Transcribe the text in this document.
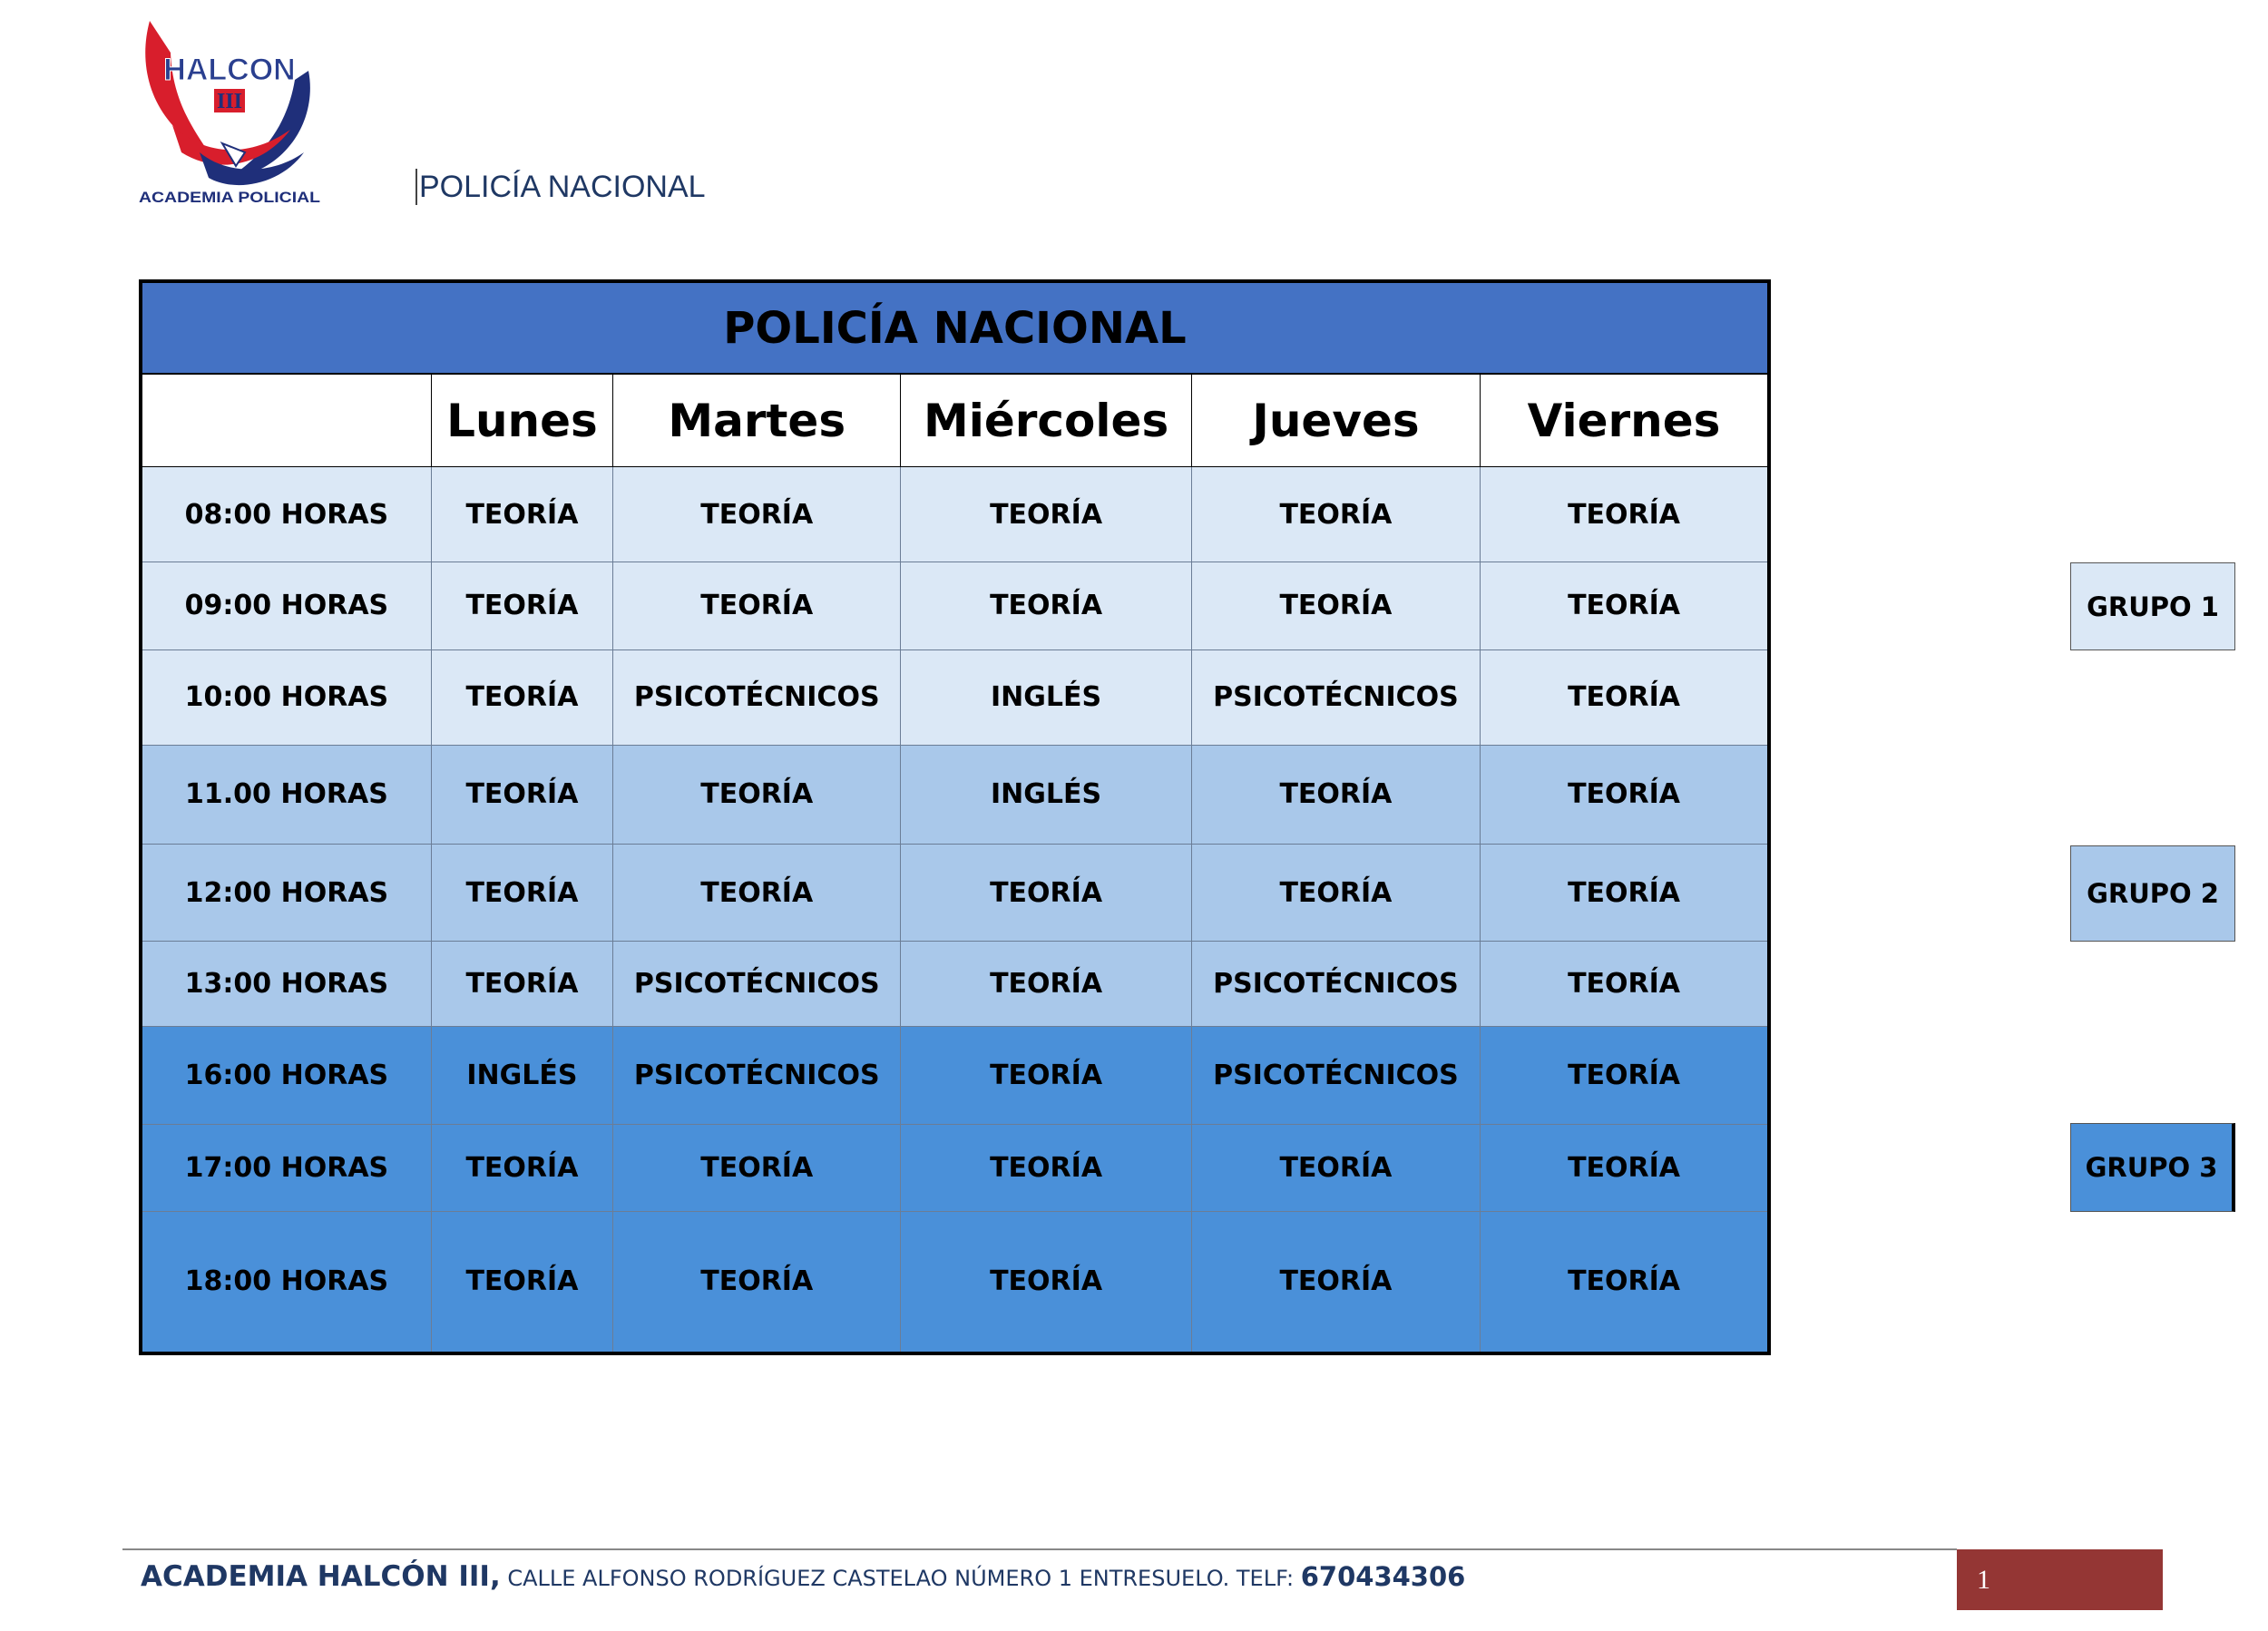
HALCON
III
ACADEMIA POLICIAL	POLICÍA NACIONAL
POLICÍA NACIONAL					
	Lunes	Martes	Miércoles	Jueves	Viernes
08:00 HORAS	TEORÍA	TEORÍA	TEORÍA	TEORÍA	TEORÍA
09:00 HORAS	TEORÍA	TEORÍA	TEORÍA	TEORÍA	TEORÍA
10:00 HORAS	TEORÍA	PSICOTÉCNICOS	INGLÉS	PSICOTÉCNICOS	TEORÍA
11.00 HORAS	TEORÍA	TEORÍA	INGLÉS	TEORÍA	TEORÍA
12:00 HORAS	TEORÍA	TEORÍA	TEORÍA	TEORÍA	TEORÍA
13:00 HORAS	TEORÍA	PSICOTÉCNICOS	TEORÍA	PSICOTÉCNICOS	TEORÍA
16:00 HORAS	INGLÉS	PSICOTÉCNICOS	TEORÍA	PSICOTÉCNICOS	TEORÍA
17:00 HORAS	TEORÍA	TEORÍA	TEORÍA	TEORÍA	TEORÍA
18:00 HORAS	TEORÍA	TEORÍA	TEORÍA	TEORÍA	TEORÍA
GRUPO 1
GRUPO 2
GRUPO 3
ACADEMIA HALCÓN III, CALLE ALFONSO RODRÍGUEZ CASTELAO NÚMERO 1 ENTRESUELO. TELF: 670434306	1
